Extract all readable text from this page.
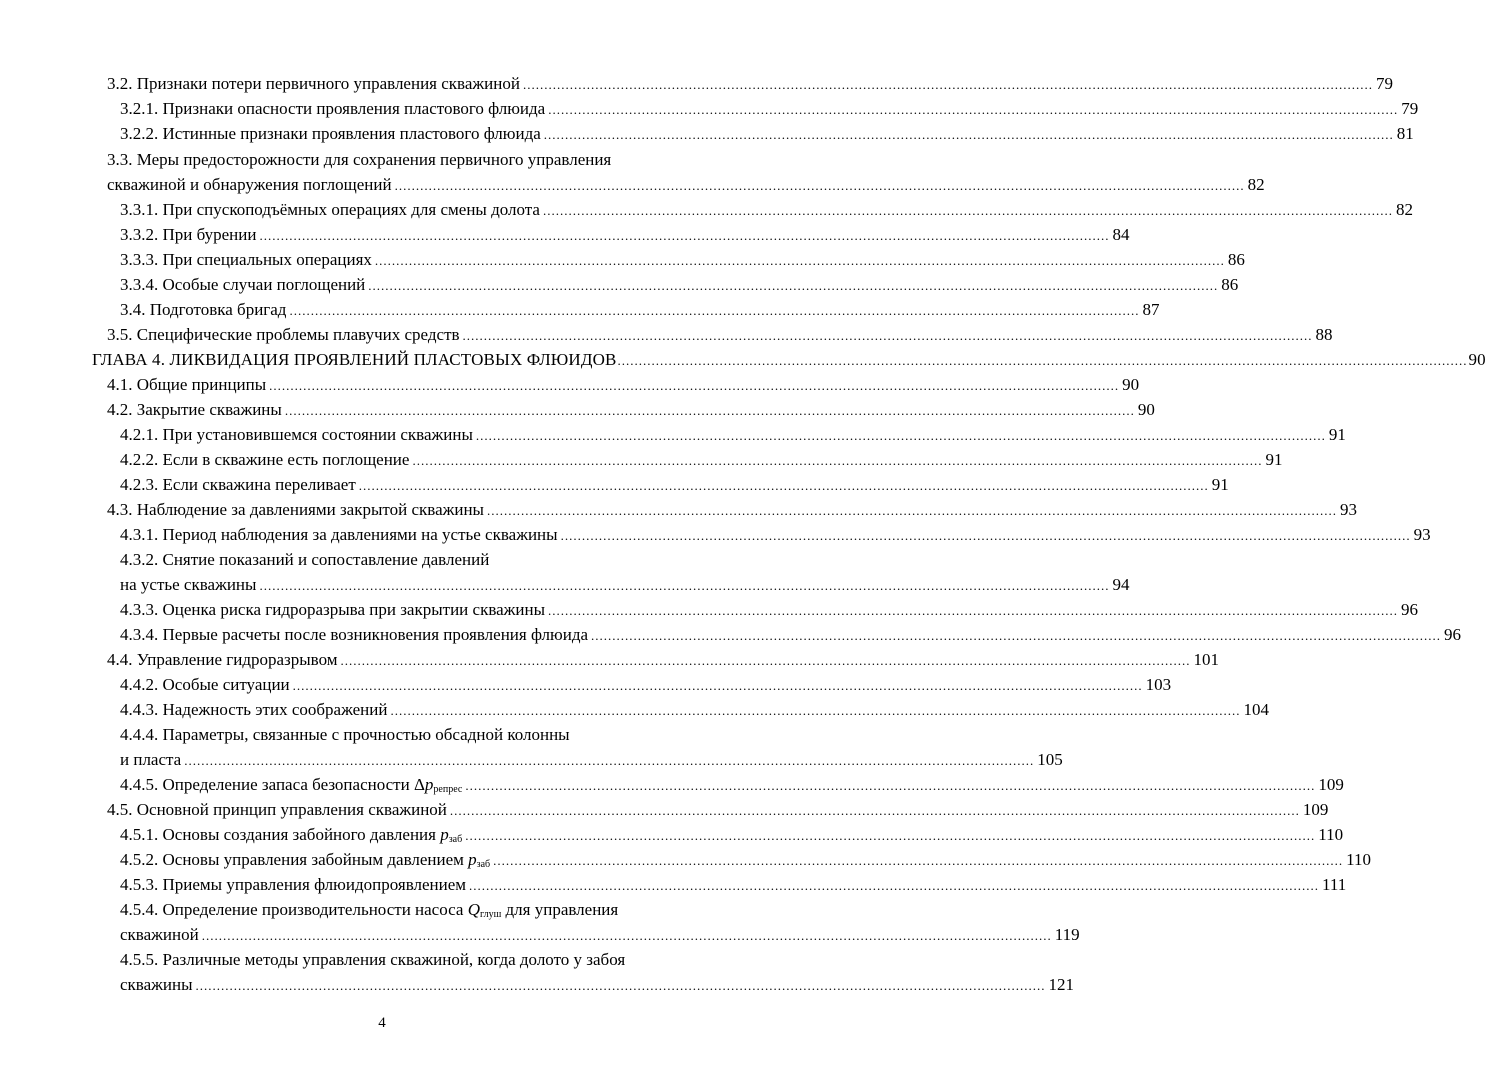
3.2. Признаки потери первичного управления скважиной ........................................................................................................................................................................................................ 79
3.2.1. Признаки опасности проявления пластового флюида ........................................................................................................................................................................................................ 79
3.2.2. Истинные признаки проявления пластового флюида ........................................................................................................................................................................................................ 81
3.3. Меры предосторожности для сохранения первичного управления
скважиной и обнаружения поглощений ........................................................................................................................................................................................................ 82
3.3.1. При спускоподъёмных операциях для смены долота ........................................................................................................................................................................................................ 82
3.3.2. При бурении ........................................................................................................................................................................................................ 84
3.3.3. При специальных операциях ........................................................................................................................................................................................................ 86
3.3.4. Особые случаи поглощений ........................................................................................................................................................................................................ 86
3.4. Подготовка бригад ........................................................................................................................................................................................................ 87
3.5. Специфические проблемы плавучих средств ........................................................................................................................................................................................................ 88
ГЛАВА 4. ЛИКВИДАЦИЯ ПРОЯВЛЕНИЙ ПЛАСТОВЫХ ФЛЮИДОВ ........................................................................................................................................................................................................ 90
4.1. Общие принципы ........................................................................................................................................................................................................ 90
4.2. Закрытие скважины ........................................................................................................................................................................................................ 90
4.2.1. При установившемся состоянии скважины ........................................................................................................................................................................................................ 91
4.2.2. Если в скважине есть поглощение ........................................................................................................................................................................................................ 91
4.2.3. Если скважина переливает ........................................................................................................................................................................................................ 91
4.3. Наблюдение за давлениями закрытой скважины ........................................................................................................................................................................................................ 93
4.3.1. Период наблюдения за давлениями на устье скважины ........................................................................................................................................................................................................ 93
4.3.2. Снятие показаний и сопоставление давлений
на устье скважины ........................................................................................................................................................................................................ 94
4.3.3. Оценка риска гидроразрыва при закрытии скважины ........................................................................................................................................................................................................ 96
4.3.4. Первые расчеты после возникновения проявления флюида ........................................................................................................................................................................................................ 96
4.4. Управление гидроразрывом ........................................................................................................................................................................................................ 101
4.4.2. Особые ситуации ........................................................................................................................................................................................................ 103
4.4.3. Надежность этих соображений ........................................................................................................................................................................................................ 104
4.4.4. Параметры, связанные с прочностью обсадной колонны
и пласта ........................................................................................................................................................................................................ 105
4.4.5. Определение запаса безопасности $\Delta p_{репрес}$ ........................................................................................................................................................................................................ 109
4.5. Основной принцип управления скважиной ........................................................................................................................................................................................................ 109
4.5.1. Основы создания забойного давления $p_{заб}$ ........................................................................................................................................................................................................ 110
4.5.2. Основы управления забойным давлением $p_{заб}$ ........................................................................................................................................................................................................ 110
4.5.3. Приемы управления флюидопроявлением ........................................................................................................................................................................................................ 111
4.5.4. Определение производительности насоса $Q_{глуш}$ для управления
скважиной ........................................................................................................................................................................................................ 119
4.5.5. Различные методы управления скважиной, когда долото у забоя
скважины ........................................................................................................................................................................................................ 121
4
